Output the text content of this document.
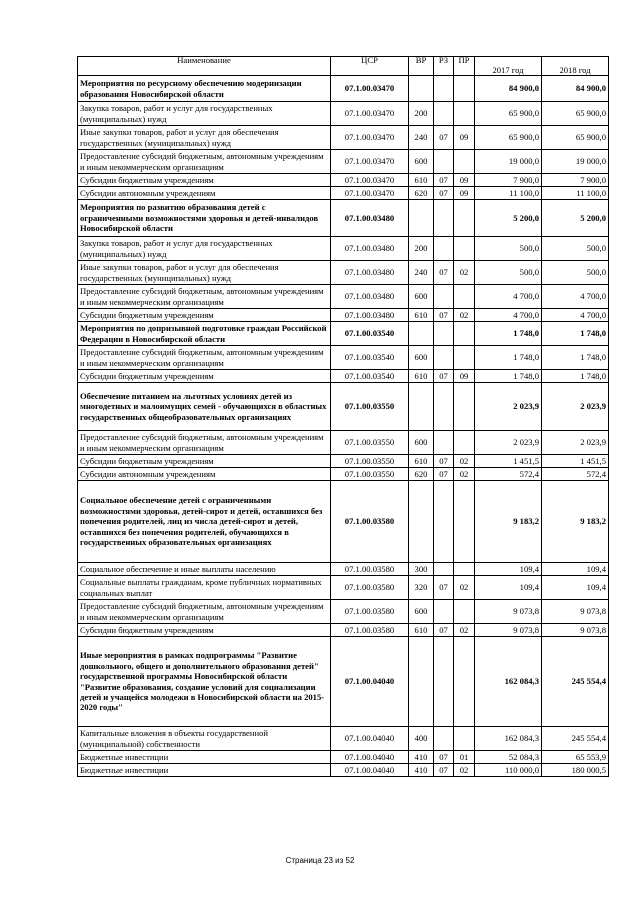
Наименование	ЦСР	ВР	РЗ	ПР	2017 год	2018 год
Мероприятия по ресурсному обеспечению модернизации образования Новосибирской области	07.1.00.03470				84 900,0	84 900,0
Закупка товаров, работ и услуг для государственных (муниципальных) нужд	07.1.00.03470	200			65 900,0	65 900,0
Иные закупки товаров, работ и услуг для обеспечения государственных (муниципальных) нужд	07.1.00.03470	240	07	09	65 900,0	65 900,0
Предоставление субсидий бюджетным, автономным учреждениям и иным некоммерческим организациям	07.1.00.03470	600			19 000,0	19 000,0
Субсидии бюджетным учреждениям	07.1.00.03470	610	07	09	7 900,0	7 900,0
Субсидии автономным учреждениям	07.1.00.03470	620	07	09	11 100,0	11 100,0
Мероприятия по развитию образования детей с ограниченными возможностями здоровья и детей-инвалидов Новосибирской области	07.1.00.03480				5 200,0	5 200,0
Закупка товаров, работ и услуг для государственных (муниципальных) нужд	07.1.00.03480	200			500,0	500,0
Иные закупки товаров, работ и услуг для обеспечения государственных (муниципальных) нужд	07.1.00.03480	240	07	02	500,0	500,0
Предоставление субсидий бюджетным, автономным учреждениям и иным некоммерческим организациям	07.1.00.03480	600			4 700,0	4 700,0
Субсидии бюджетным учреждениям	07.1.00.03480	610	07	02	4 700,0	4 700,0
Мероприятия по допризывной подготовке граждан Российской Федерации в Новосибирской области	07.1.00.03540				1 748,0	1 748,0
Предоставление субсидий бюджетным, автономным учреждениям и иным некоммерческим организациям	07.1.00.03540	600			1 748,0	1 748,0
Субсидии бюджетным учреждениям	07.1.00.03540	610	07	09	1 748,0	1 748,0
Обеспечение питанием на льготных условиях детей из многодетных и малоимущих семей - обучающихся в областных государственных общеобразовательных организациях	07.1.00.03550				2 023,9	2 023,9
Предоставление субсидий бюджетным, автономным учреждениям и иным некоммерческим организациям	07.1.00.03550	600			2 023,9	2 023,9
Субсидии бюджетным учреждениям	07.1.00.03550	610	07	02	1 451,5	1 451,5
Субсидии автономным учреждениям	07.1.00.03550	620	07	02	572,4	572,4
Социальное обеспечение детей с ограниченными возможностями здоровья, детей-сирот и детей, оставшихся без попечения родителей, лиц из числа детей-сирот и детей, оставшихся без попечения родителей, обучающихся в государственных образовательных организациях	07.1.00.03580				9 183,2	9 183,2
Социальное обеспечение и иные выплаты населению	07.1.00.03580	300			109,4	109,4
Социальные выплаты гражданам, кроме публичных нормативных социальных выплат	07.1.00.03580	320	07	02	109,4	109,4
Предоставление субсидий бюджетным, автономным учреждениям и иным некоммерческим организациям	07.1.00.03580	600			9 073,8	9 073,8
Субсидии бюджетным учреждениям	07.1.00.03580	610	07	02	9 073,8	9 073,8
Иные мероприятия в рамках подпрограммы "Развитие дошкольного, общего и дополнительного образования детей" государственной программы Новосибирской области "Развитие образования, создание условий для социализации детей и учащейся молодежи в Новосибирской области на 2015-2020 годы"	07.1.00.04040				162 084,3	245 554,4
Капитальные вложения в объекты государственной (муниципальной) собственности	07.1.00.04040	400			162 084,3	245 554,4
Бюджетные инвестиции	07.1.00.04040	410	07	01	52 084,3	65 553,9
Бюджетные инвестиции	07.1.00.04040	410	07	02	110 000,0	180 000,5
Страница 23 из 52
